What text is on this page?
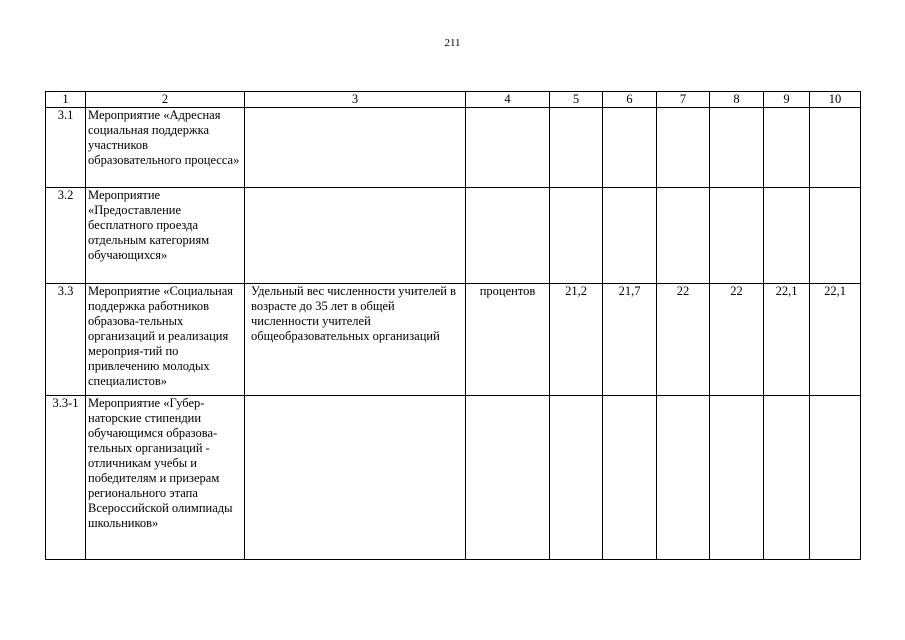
211
1	2	3	4	5	6	7	8	9	10
3.1	Мероприятие «Адресная социальная поддержка участников образовательного процесса»								
3.2	Мероприятие «Предоставление бесплатного проезда отдельным категориям обучающихся»								
3.3	Мероприятие «Социальная поддержка работников образова-тельных организаций и реализация мероприя-тий по привлечению молодых специалистов»	Удельный вес численности учителей в возрасте до 35 лет в общей численности учителей общеобразовательных организаций	процентов	21,2	21,7	22	22	22,1	22,1
3.3-1	Мероприятие «Губер-наторские стипендии обучающимся образова-тельных организаций - отличникам учебы и победителям и призерам регионального этапа Всероссийской олимпиады школьников»								
